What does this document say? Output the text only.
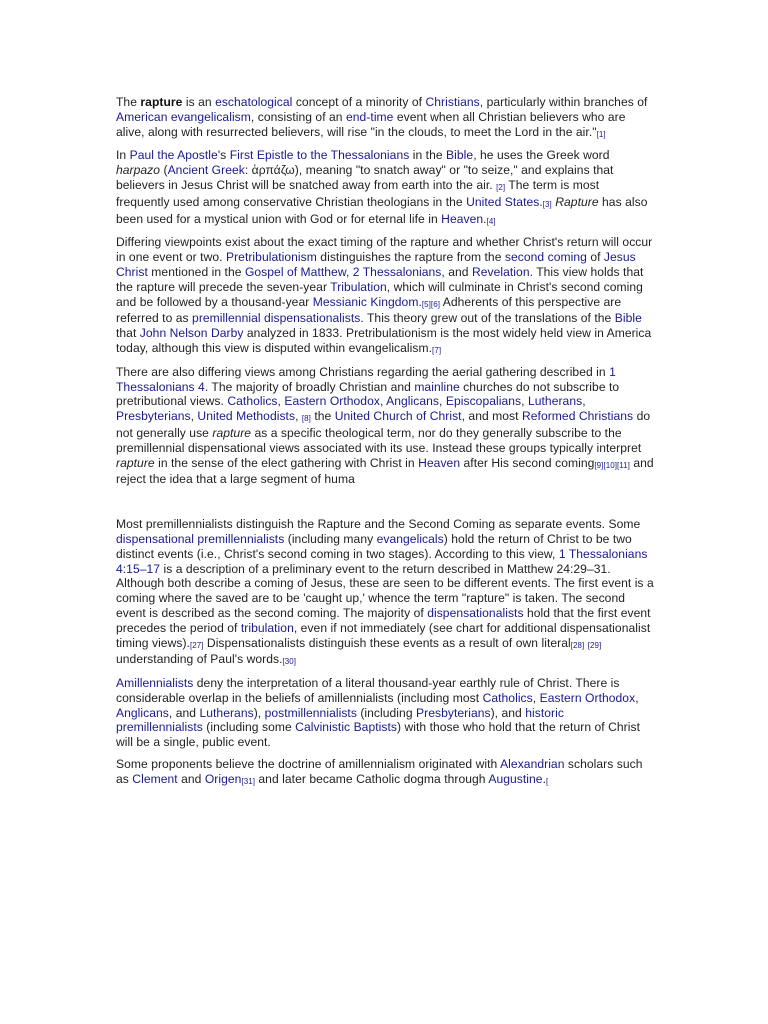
The rapture is an eschatological concept of a minority of Christians, particularly within branches of American evangelicalism, consisting of an end-time event when all Christian believers who are alive, along with resurrected believers, will rise "in the clouds, to meet the Lord in the air."[1]

In Paul the Apostle's First Epistle to the Thessalonians in the Bible, he uses the Greek word harpazo (Ancient Greek: ἁρπάζω), meaning "to snatch away" or "to seize," and explains that believers in Jesus Christ will be snatched away from earth into the air. [2] The term is most frequently used among conservative Christian theologians in the United States.[3] Rapture has also been used for a mystical union with God or for eternal life in Heaven.[4]

Differing viewpoints exist about the exact timing of the rapture and whether Christ's return will occur in one event or two. Pretribulationism distinguishes the rapture from the second coming of Jesus Christ mentioned in the Gospel of Matthew, 2 Thessalonians, and Revelation. This view holds that the rapture will precede the seven-year Tribulation, which will culminate in Christ's second coming and be followed by a thousand-year Messianic Kingdom.[5][6] Adherents of this perspective are referred to as premillennial dispensationalists. This theory grew out of the translations of the Bible that John Nelson Darby analyzed in 1833. Pretribulationism is the most widely held view in America today, although this view is disputed within evangelicalism.[7]

There are also differing views among Christians regarding the aerial gathering described in 1 Thessalonians 4. The majority of broadly Christian and mainline churches do not subscribe to pretributional views. Catholics, Eastern Orthodox, Anglicans, Episcopalians, Lutherans, Presbyterians, United Methodists, [8] the United Church of Christ, and most Reformed Christians do not generally use rapture as a specific theological term, nor do they generally subscribe to the premillennial dispensational views associated with its use. Instead these groups typically interpret rapture in the sense of the elect gathering with Christ in Heaven after His second coming[9][10][11] and reject the idea that a large segment of huma

Most premillennialists distinguish the Rapture and the Second Coming as separate events. Some dispensational premillennialists (including many evangelicals) hold the return of Christ to be two distinct events (i.e., Christ's second coming in two stages). According to this view, 1 Thessalonians 4:15–17 is a description of a preliminary event to the return described in Matthew 24:29–31. Although both describe a coming of Jesus, these are seen to be different events. The first event is a coming where the saved are to be 'caught up,' whence the term "rapture" is taken. The second event is described as the second coming. The majority of dispensationalists hold that the first event precedes the period of tribulation, even if not immediately (see chart for additional dispensationalist timing views).[27] Dispensationalists distinguish these events as a result of own literal[28] [29] understanding of Paul's words.[30]

Amillennialists deny the interpretation of a literal thousand-year earthly rule of Christ. There is considerable overlap in the beliefs of amillennialists (including most Catholics, Eastern Orthodox, Anglicans, and Lutherans), postmillennialists (including Presbyterians), and historic premillennialists (including some Calvinistic Baptists) with those who hold that the return of Christ will be a single, public event.

Some proponents believe the doctrine of amillennialism originated with Alexandrian scholars such as Clement and Origen[31] and later became Catholic dogma through Augustine.[
